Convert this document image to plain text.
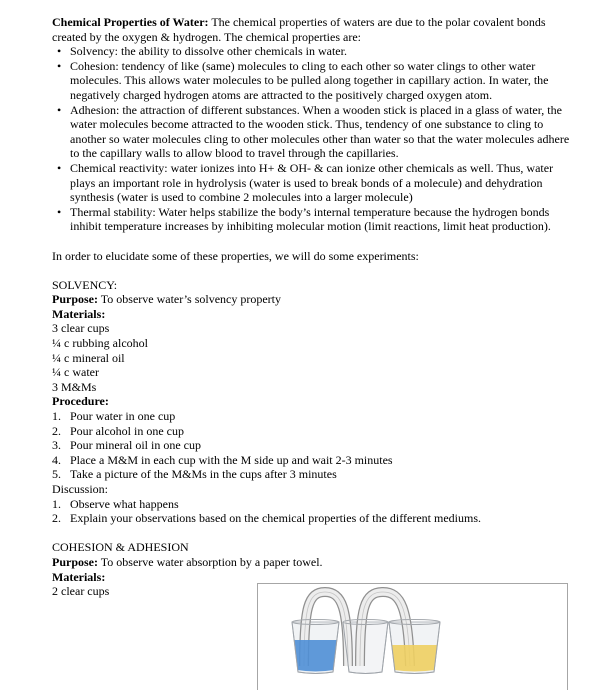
Chemical Properties of Water: The chemical properties of waters are due to the polar covalent bonds created by the oxygen & hydrogen. The chemical properties are:

• Solvency: the ability to dissolve other chemicals in water.
• Cohesion: tendency of like (same) molecules to cling to each other so water clings to other water molecules. This allows water molecules to be pulled along together in capillary action. In water, the negatively charged hydrogen atoms are attracted to the positively charged oxygen atom.
• Adhesion: the attraction of different substances. When a wooden stick is placed in a glass of water, the water molecules become attracted to the wooden stick. Thus, tendency of one substance to cling to another so water molecules cling to other molecules other than water so that the water molecules adhere to the capillary walls to allow blood to travel through the capillaries.
• Chemical reactivity: water ionizes into H+ & OH- & can ionize other chemicals as well. Thus, water plays an important role in hydrolysis (water is used to break bonds of a molecule) and dehydration synthesis (water is used to combine 2 molecules into a larger molecule)
• Thermal stability: Water helps stabilize the body’s internal temperature because the hydrogen bonds inhibit temperature increases by inhibiting molecular motion (limit reactions, limit heat production).

In order to elucidate some of these properties, we will do some experiments:

SOLVENCY:

Purpose: To observe water’s solvency property

Materials:

3 clear cups

¼ c rubbing alcohol

¼ c mineral oil

¼ c water

3 M&Ms

Procedure:

1. Pour water in one cup

2. Pour alcohol in one cup

3. Pour mineral oil in one cup

4. Place a M&M in each cup with the M side up and wait 2-3 minutes

5. Take a picture of the M&Ms in the cups after 3 minutes

Discussion:

1. Observe what happens

2. Explain your observations based on the chemical properties of the different mediums.

COHESION & ADHESION

Purpose: To observe water absorption by a paper towel.

Materials:

2 clear cups
